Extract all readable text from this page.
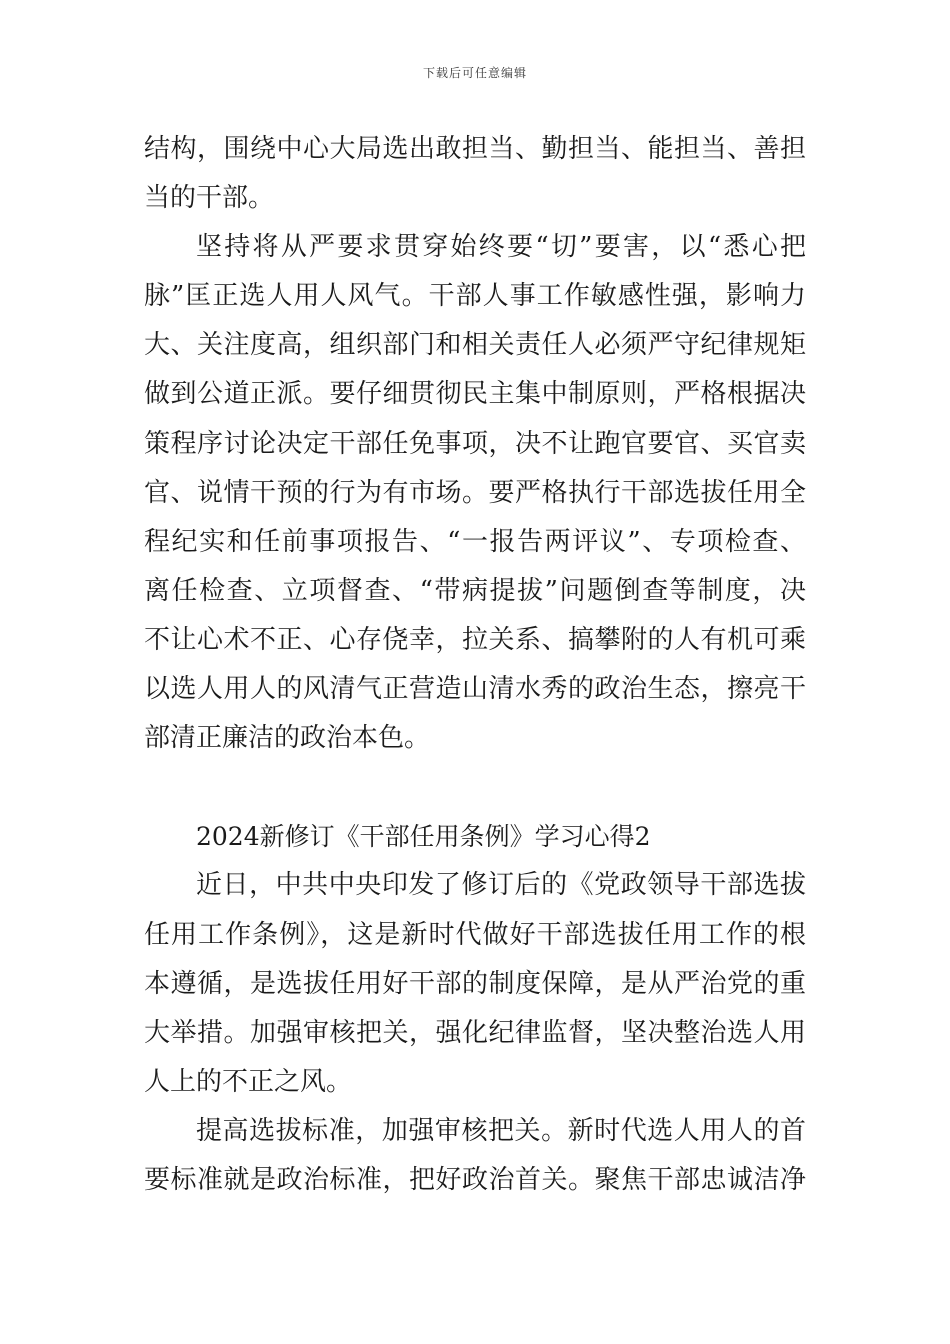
下载后可任意编辑
结构，围绕中心大局选出敢担当、勤担当、能担当、善担
当的干部。
坚持将从严要求贯穿始终要“切”要害，以“悉心把
脉”匡正选人用人风气。干部人事工作敏感性强，影响力
大、关注度高，组织部门和相关责任人必须严守纪律规矩
做到公道正派。要仔细贯彻民主集中制原则，严格根据决
策程序讨论决定干部任免事项，决不让跑官要官、买官卖
官、说情干预的行为有市场。要严格执行干部选拔任用全
程纪实和任前事项报告、“一报告两评议”、专项检查、
离任检查、立项督查、“带病提拔”问题倒查等制度，决
不让心术不正、心存侥幸，拉关系、搞攀附的人有机可乘
以选人用人的风清气正营造山清水秀的政治生态，擦亮干
部清正廉洁的政治本色。
2024新修订《干部任用条例》学习心得2
近日，中共中央印发了修订后的《党政领导干部选拔
任用工作条例》，这是新时代做好干部选拔任用工作的根
本遵循，是选拔任用好干部的制度保障，是从严治党的重
大举措。加强审核把关，强化纪律监督，坚决整治选人用
人上的不正之风。
提高选拔标准，加强审核把关。新时代选人用人的首
要标准就是政治标准，把好政治首关。聚焦干部忠诚洁净
